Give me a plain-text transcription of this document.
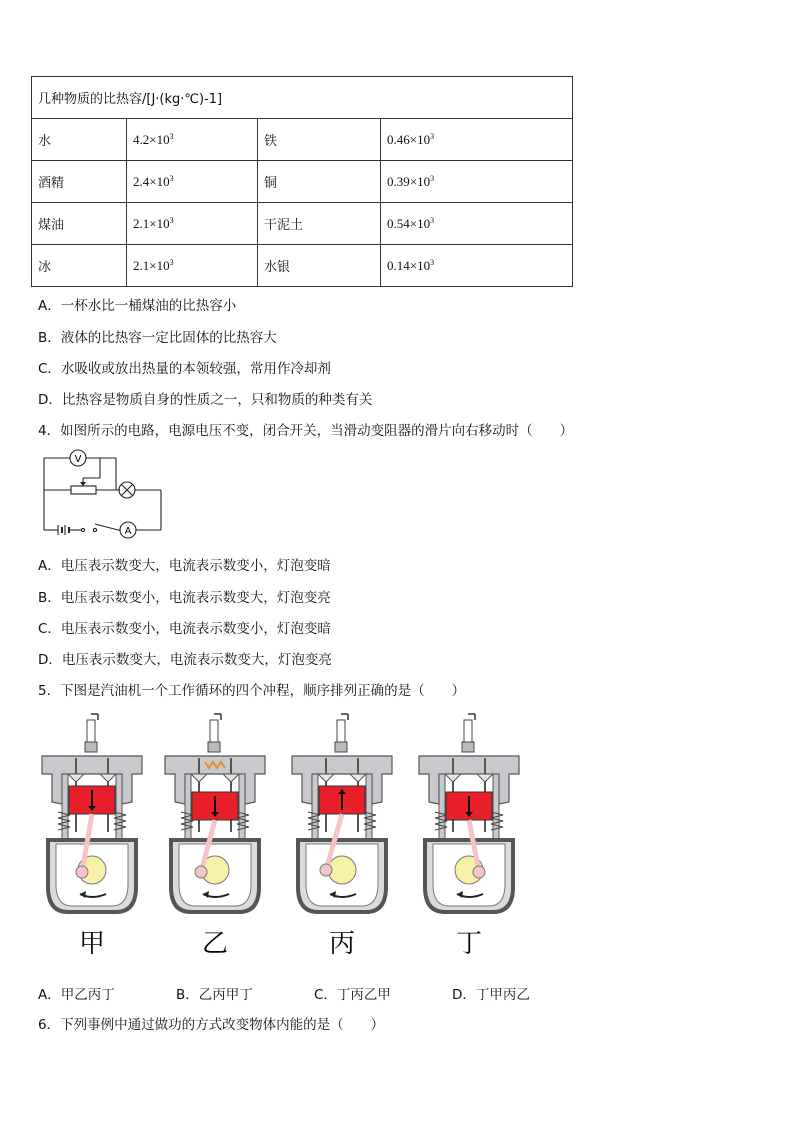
几种物质的比热容/[J·(kg·℃)-1]			
水	$4.2\times 10^3$	铁	$0.46\times 10^3$
酒精	$2.4\times 10^3$	铜	$0.39\times 10^3$
煤油	$2.1\times 10^3$	干泥土	$0.54\times 10^3$
冰	$2.1\times 10^3$	水银	$0.14\times 10^3$
A．一杯水比一桶煤油的比热容小
B．液体的比热容一定比固体的比热容大
C．水吸收或放出热量的本领较强，常用作冷却剂
D．比热容是物质自身的性质之一，只和物质的种类有关
4．如图所示的电路，电源电压不变，闭合开关，当滑动变阻器的滑片向右移动时（　　）
V
A
A．电压表示数变大，电流表示数变小，灯泡变暗
B．电压表示数变小，电流表示数变大，灯泡变亮
C．电压表示数变小，电流表示数变小，灯泡变暗
D．电压表示数变大，电流表示数变大，灯泡变亮
5．下图是汽油机一个工作循环的四个冲程，顺序排列正确的是（　　）
甲	乙	丙	丁
A．甲乙丙丁	B．乙丙甲丁	C．丁丙乙甲	D．丁甲丙乙
6．下列事例中通过做功的方式改变物体内能的是（　　）
